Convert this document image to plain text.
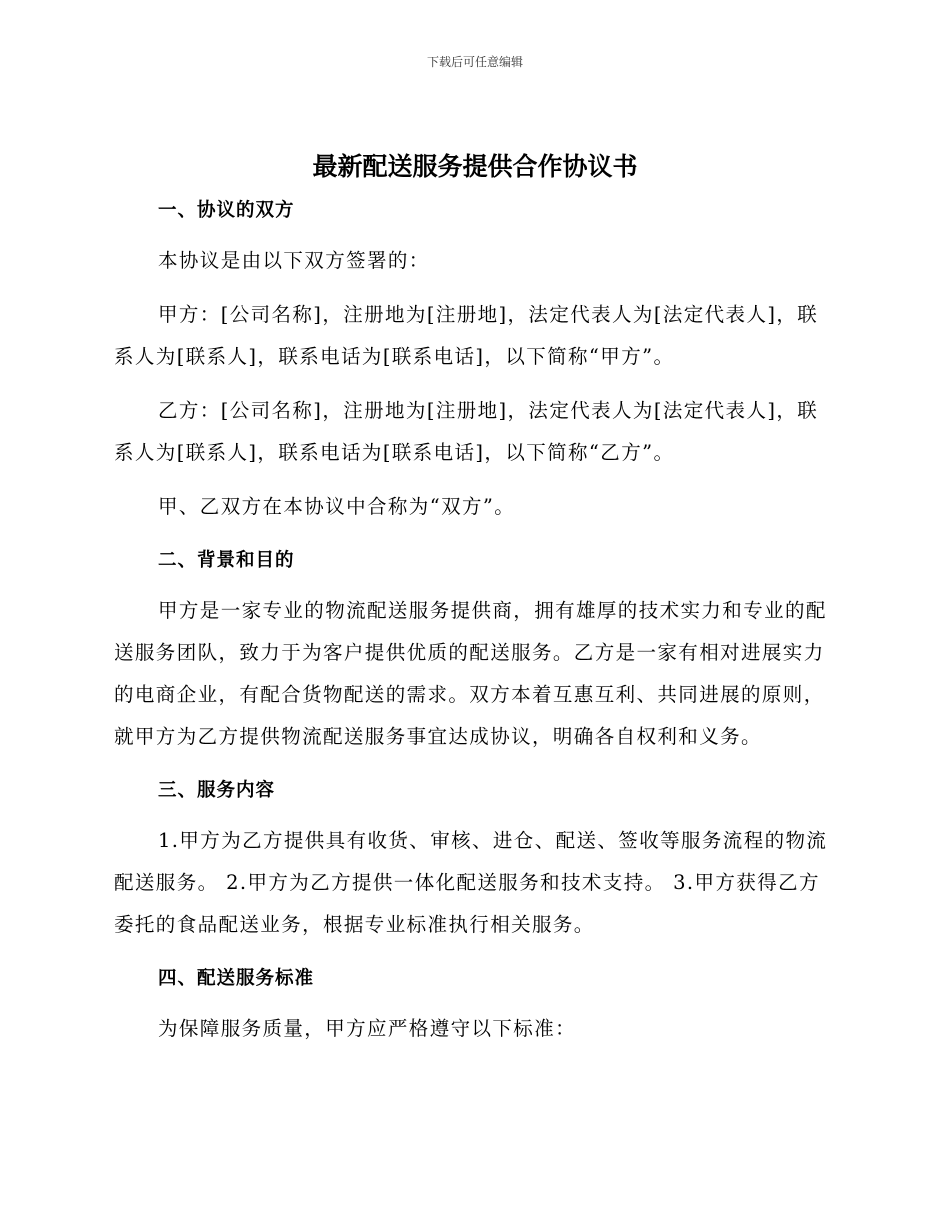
下载后可任意编辑
最新配送服务提供合作协议书
一、协议的双方

本协议是由以下双方签署的：

甲方：[公司名称]，注册地为[注册地]，法定代表人为[法定代表人]，联系人为[联系人]，联系电话为[联系电话]，以下简称“甲方”。

乙方：[公司名称]，注册地为[注册地]，法定代表人为[法定代表人]，联系人为[联系人]，联系电话为[联系电话]，以下简称“乙方”。

甲、乙双方在本协议中合称为“双方”。

二、背景和目的

甲方是一家专业的物流配送服务提供商，拥有雄厚的技术实力和专业的配送服务团队，致力于为客户提供优质的配送服务。乙方是一家有相对进展实力的电商企业，有配合货物配送的需求。双方本着互惠互利、共同进展的原则，就甲方为乙方提供物流配送服务事宜达成协议，明确各自权利和义务。

三、服务内容

1.甲方为乙方提供具有收货、审核、进仓、配送、签收等服务流程的物流配送服务。 2.甲方为乙方提供一体化配送服务和技术支持。 3.甲方获得乙方委托的食品配送业务，根据专业标准执行相关服务。

四、配送服务标准

为保障服务质量，甲方应严格遵守以下标准：
